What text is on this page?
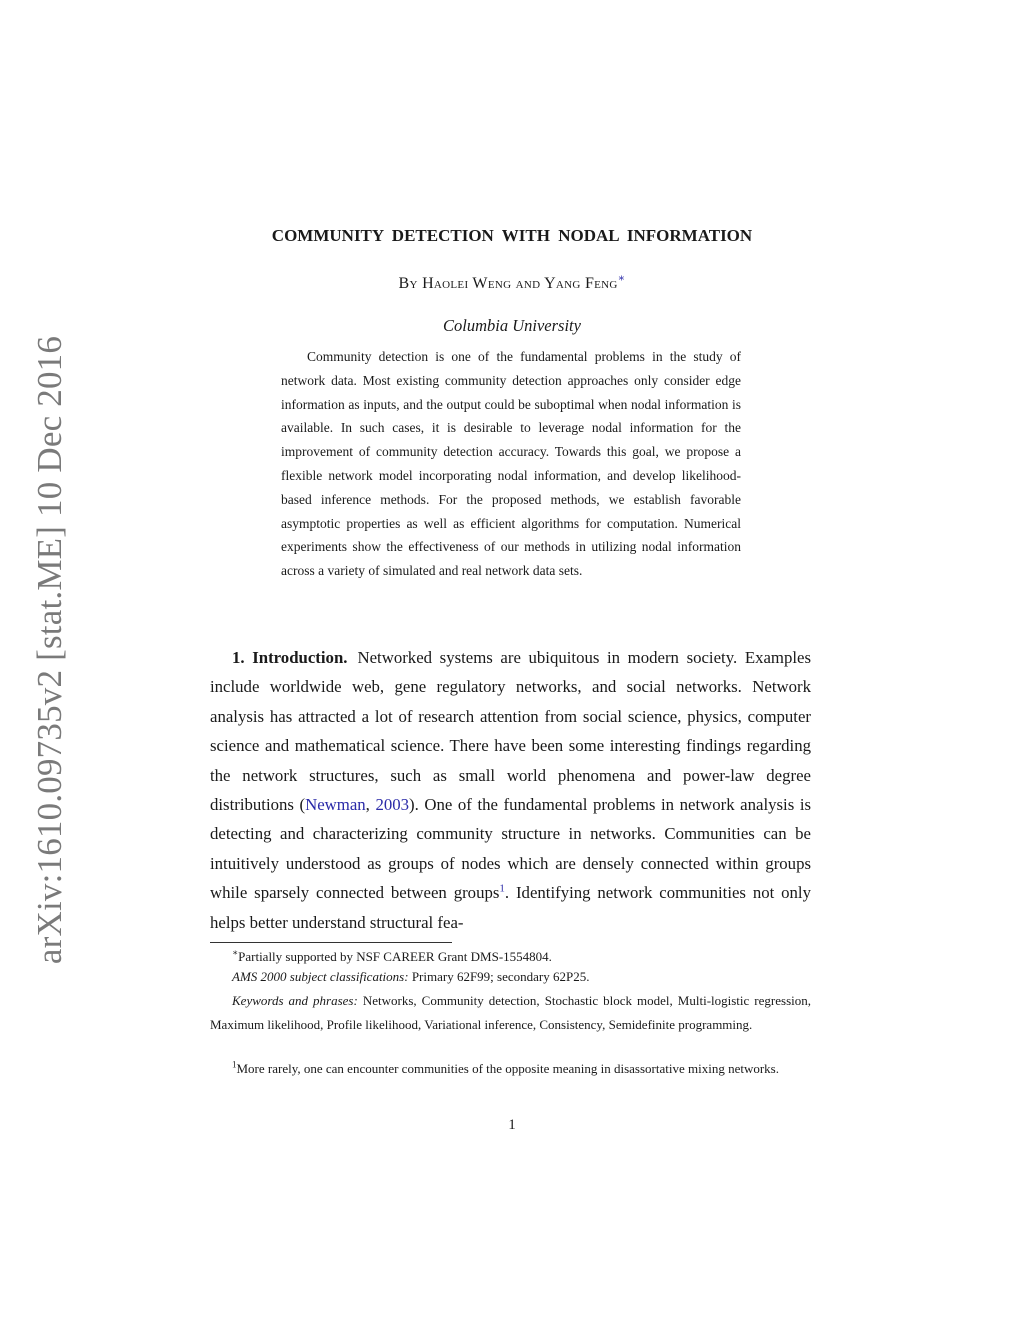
arXiv:1610.09735v2 [stat.ME] 10 Dec 2016
COMMUNITY DETECTION WITH NODAL INFORMATION
By Haolei Weng and Yang Feng∗
Columbia University

Community detection is one of the fundamental problems in the study of network data. Most existing community detection approaches only consider edge information as inputs, and the output could be suboptimal when nodal information is available. In such cases, it is desirable to leverage nodal information for the improvement of community detection accuracy. Towards this goal, we propose a flexible network model incorporating nodal information, and develop likelihood-based inference methods. For the proposed methods, we establish favorable asymptotic properties as well as efficient algorithms for computation. Numerical experiments show the effectiveness of our methods in utilizing nodal information across a variety of simulated and real network data sets.

1. Introduction. Networked systems are ubiquitous in modern society. Examples include worldwide web, gene regulatory networks, and social networks. Network analysis has attracted a lot of research attention from social science, physics, computer science and mathematical science. There have been some interesting findings regarding the network structures, such as small world phenomena and power-law degree distributions (Newman, 2003). One of the fundamental problems in network analysis is detecting and characterizing community structure in networks. Communities can be intuitively understood as groups of nodes which are densely connected within groups while sparsely connected between groups$^1$. Identifying network communities not only helps better understand structural fea-

∗Partially supported by NSF CAREER Grant DMS-1554804.

AMS 2000 subject classifications: Primary 62F99; secondary 62P25.

Keywords and phrases: Networks, Community detection, Stochastic block model, Multi-logistic regression, Maximum likelihood, Profile likelihood, Variational inference, Consistency, Semidefinite programming.

$^1$More rarely, one can encounter communities of the opposite meaning in disassortative mixing networks.

1
